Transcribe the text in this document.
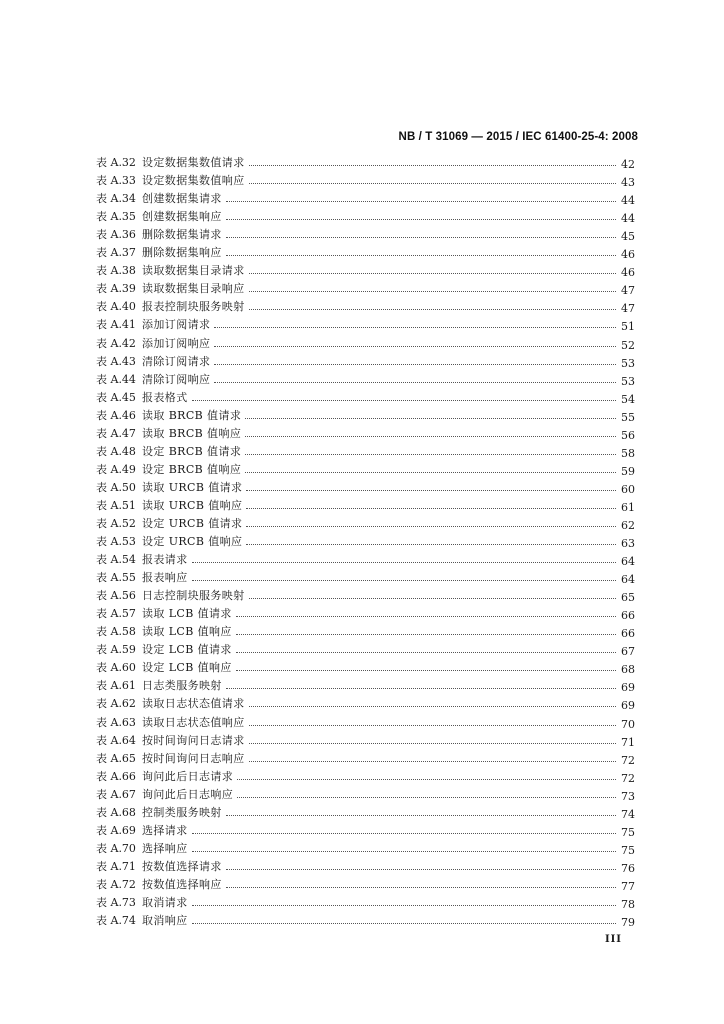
NB / T 31069 — 2015 / IEC 61400-25-4: 2008
表 A.32 设定数据集数值请求	42
表 A.33 设定数据集数值响应	43
表 A.34 创建数据集请求	44
表 A.35 创建数据集响应	44
表 A.36 删除数据集请求	45
表 A.37 删除数据集响应	46
表 A.38 读取数据集目录请求	46
表 A.39 读取数据集目录响应	47
表 A.40 报表控制块服务映射	47
表 A.41 添加订阅请求	51
表 A.42 添加订阅响应	52
表 A.43 清除订阅请求	53
表 A.44 清除订阅响应	53
表 A.45 报表格式	54
表 A.46 读取 BRCB 值请求	55
表 A.47 读取 BRCB 值响应	56
表 A.48 设定 BRCB 值请求	58
表 A.49 设定 BRCB 值响应	59
表 A.50 读取 URCB 值请求	60
表 A.51 读取 URCB 值响应	61
表 A.52 设定 URCB 值请求	62
表 A.53 设定 URCB 值响应	63
表 A.54 报表请求	64
表 A.55 报表响应	64
表 A.56 日志控制块服务映射	65
表 A.57 读取 LCB 值请求	66
表 A.58 读取 LCB 值响应	66
表 A.59 设定 LCB 值请求	67
表 A.60 设定 LCB 值响应	68
表 A.61 日志类服务映射	69
表 A.62 读取日志状态值请求	69
表 A.63 读取日志状态值响应	70
表 A.64 按时间询问日志请求	71
表 A.65 按时间询问日志响应	72
表 A.66 询问此后日志请求	72
表 A.67 询问此后日志响应	73
表 A.68 控制类服务映射	74
表 A.69 选择请求	75
表 A.70 选择响应	75
表 A.71 按数值选择请求	76
表 A.72 按数值选择响应	77
表 A.73 取消请求	78
表 A.74 取消响应	79
III
